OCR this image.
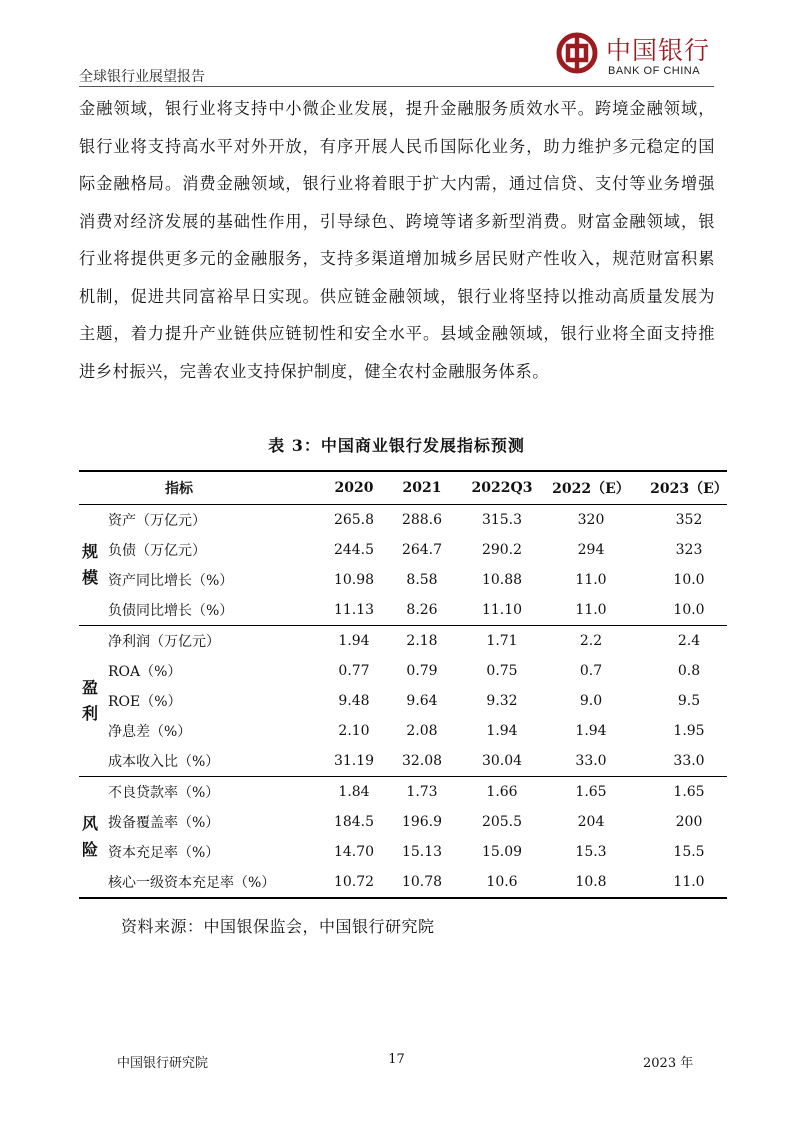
全球银行业展望报告
中国银行
BANK OF CHINA
金融领域，银行业将支持中小微企业发展，提升金融服务质效水平。跨境金融领域，银行业将支持高水平对外开放，有序开展人民币国际化业务，助力维护多元稳定的国际金融格局。消费金融领域，银行业将着眼于扩大内需，通过信贷、支付等业务增强消费对经济发展的基础性作用，引导绿色、跨境等诸多新型消费。财富金融领域，银行业将提供更多元的金融服务，支持多渠道增加城乡居民财产性收入，规范财富积累机制，促进共同富裕早日实现。供应链金融领域，银行业将坚持以推动高质量发展为主题，着力提升产业链供应链韧性和安全水平。县域金融领域，银行业将全面支持推进乡村振兴，完善农业支持保护制度，健全农村金融服务体系。
表 3：中国商业银行发展指标预测
指标	2020	2021	2022Q3	2022（E）	2023（E）
规
模
资产（万亿元）	265.8	288.6	315.3	320	352
负债（万亿元）	244.5	264.7	290.2	294	323
资产同比增长（%）	10.98	8.58	10.88	11.0	10.0
负债同比增长（%）	11.13	8.26	11.10	11.0	10.0
盈
利
净利润（万亿元）	1.94	2.18	1.71	2.2	2.4
ROA（%）	0.77	0.79	0.75	0.7	0.8
ROE（%）	9.48	9.64	9.32	9.0	9.5
净息差（%）	2.10	2.08	1.94	1.94	1.95
成本收入比（%）	31.19	32.08	30.04	33.0	33.0
风
险
不良贷款率（%）	1.84	1.73	1.66	1.65	1.65
拨备覆盖率（%）	184.5	196.9	205.5	204	200
资本充足率（%）	14.70	15.13	15.09	15.3	15.5
核心一级资本充足率（%）	10.72	10.78	10.6	10.8	11.0
资料来源：中国银保监会，中国银行研究院
中国银行研究院	17	2023 年
